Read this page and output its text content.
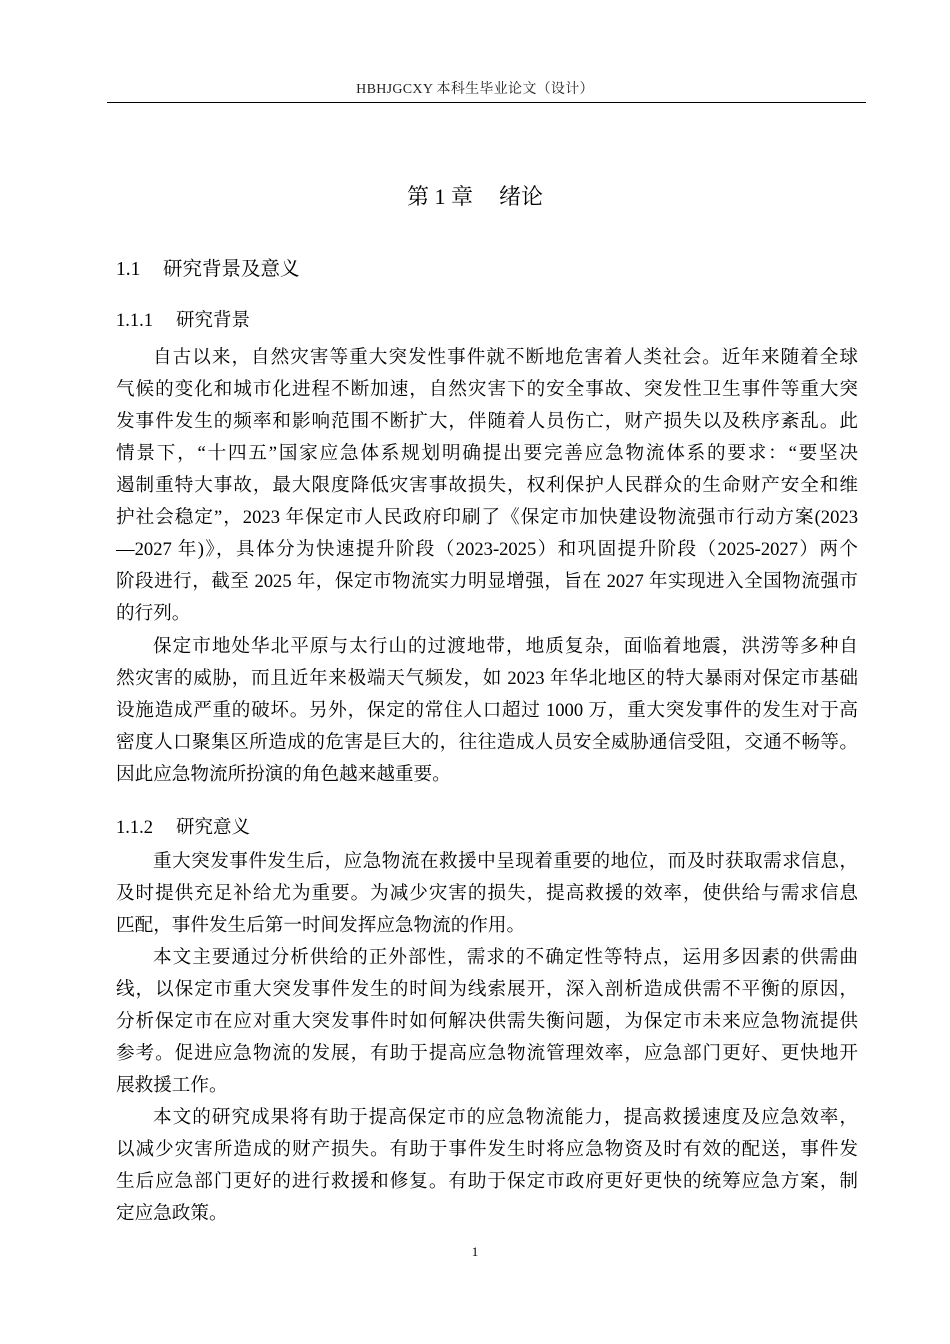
HBHJGCXY 本科生毕业论文（设计）
第 1 章 绪论
1.1 研究背景及意义
1.1.1 研究背景
自古以来，自然灾害等重大突发性事件就不断地危害着人类社会。近年来随着全球
气候的变化和城市化进程不断加速，自然灾害下的安全事故、突发性卫生事件等重大突
发事件发生的频率和影响范围不断扩大，伴随着人员伤亡，财产损失以及秩序紊乱。此
情景下，“十四五”国家应急体系规划明确提出要完善应急物流体系的要求：“要坚决
遏制重特大事故，最大限度降低灾害事故损失，权利保护人民群众的生命财产安全和维
护社会稳定”，2023 年保定市人民政府印刷了《保定市加快建设物流强市行动方案(2023
—2027 年)》，具体分为快速提升阶段（2023-2025）和巩固提升阶段（2025-2027）两个
阶段进行，截至 2025 年，保定市物流实力明显增强，旨在 2027 年实现进入全国物流强市
的行列。
保定市地处华北平原与太行山的过渡地带，地质复杂，面临着地震，洪涝等多种自
然灾害的威胁，而且近年来极端天气频发，如 2023 年华北地区的特大暴雨对保定市基础
设施造成严重的破坏。另外，保定的常住人口超过 1000 万，重大突发事件的发生对于高
密度人口聚集区所造成的危害是巨大的，往往造成人员安全威胁通信受阻，交通不畅等。
因此应急物流所扮演的角色越来越重要。
1.1.2 研究意义
重大突发事件发生后，应急物流在救援中呈现着重要的地位，而及时获取需求信息，
及时提供充足补给尤为重要。为减少灾害的损失，提高救援的效率，使供给与需求信息
匹配，事件发生后第一时间发挥应急物流的作用。
本文主要通过分析供给的正外部性，需求的不确定性等特点，运用多因素的供需曲
线，以保定市重大突发事件发生的时间为线索展开，深入剖析造成供需不平衡的原因，
分析保定市在应对重大突发事件时如何解决供需失衡问题，为保定市未来应急物流提供
参考。促进应急物流的发展，有助于提高应急物流管理效率，应急部门更好、更快地开
展救援工作。
本文的研究成果将有助于提高保定市的应急物流能力，提高救援速度及应急效率，
以减少灾害所造成的财产损失。有助于事件发生时将应急物资及时有效的配送，事件发
生后应急部门更好的进行救援和修复。有助于保定市政府更好更快的统筹应急方案，制
定应急政策。
1
